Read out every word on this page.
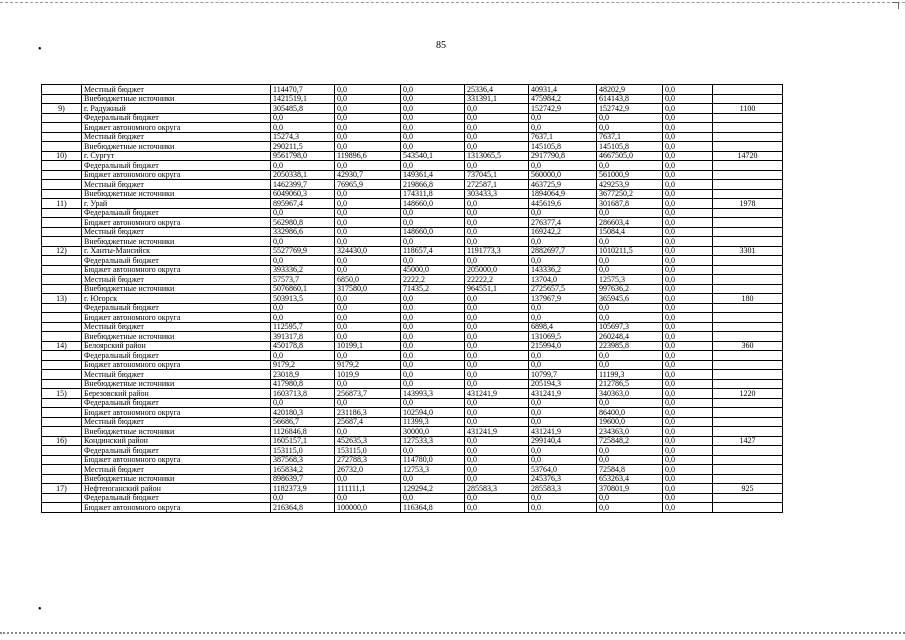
•	85
	Местный бюджет	114470,7	0,0	0,0	25336,4	40931,4	48202,9	0,0	
	Внебюджетные источники	1421519,1	0,0	0,0	331391,1	475984,2	614143,8	0,0	
9)	г. Радужный	305485,8	0,0	0,0	0,0	152742,9	152742,9	0,0	1100
	Федеральный бюджет	0,0	0,0	0,0	0,0	0,0	0,0	0,0	
	Бюджет автономного округа	0,0	0,0	0,0	0,0	0,0	0,0	0,0	
	Местный бюджет	15274,3	0,0	0,0	0,0	7637,1	7637,1	0,0	
	Внебюджетные источники	290211,5	0,0	0,0	0,0	145105,8	145105,8	0,0	
10)	г. Сургут	9561798,0	119896,6	543540,1	1313065,5	2917790,8	4667505,0	0,0	14720
	Федеральный бюджет	0,0	0,0	0,0	0,0	0,0	0,0	0,0	
	Бюджет автономного округа	2050338,1	42930,7	149361,4	737045,1	560000,0	561000,9	0,0	
	Местный бюджет	1462399,7	76965,9	219866,8	272587,1	463725,9	429253,9	0,0	
	Внебюджетные источники	6049060,3	0,0	174311,8	303433,3	1894064,9	3677250,2	0,0	
11)	г. Урай	895967,4	0,0	148660,0	0,0	445619,6	301687,8	0,0	1978
	Федеральный бюджет	0,0	0,0	0,0	0,0	0,0	0,0	0,0	
	Бюджет автономного округа	562980,8	0,0	0,0	0,0	276377,4	286603,4	0,0	
	Местный бюджет	332986,6	0,0	148660,0	0,0	169242,2	15084,4	0,0	
	Внебюджетные источники	0,0	0,0	0,0	0,0	0,0	0,0	0,0	
12)	г. Ханты-Мансийск	5527769,9	324430,0	118657,4	1191773,3	2882697,7	1010211,5	0,0	3301
	Федеральный бюджет	0,0	0,0	0,0	0,0	0,0	0,0	0,0	
	Бюджет автономного округа	393336,2	0,0	45000,0	205000,0	143336,2	0,0	0,0	
	Местный бюджет	57573,7	6850,0	2222,2	22222,2	13704,0	12575,3	0,0	
	Внебюджетные источники	5076860,1	317580,0	71435,2	964551,1	2725657,5	997636,2	0,0	
13)	г. Югорск	503913,5	0,0	0,0	0,0	137967,9	365945,6	0,0	180
	Федеральный бюджет	0,0	0,0	0,0	0,0	0,0	0,0	0,0	
	Бюджет автономного округа	0,0	0,0	0,0	0,0	0,0	0,0	0,0	
	Местный бюджет	112595,7	0,0	0,0	0,0	6898,4	105697,3	0,0	
	Внебюджетные источники	391317,8	0,0	0,0	0,0	131069,5	260248,4	0,0	
14)	Белоярский район	450178,8	10199,1	0,0	0,0	215994,0	223985,8	0,0	360
	Федеральный бюджет	0,0	0,0	0,0	0,0	0,0	0,0	0,0	
	Бюджет автономного округа	9179,2	9179,2	0,0	0,0	0,0	0,0	0,0	
	Местный бюджет	23018,9	1019,9	0,0	0,0	10799,7	11199,3	0,0	
	Внебюджетные источники	417980,8	0,0	0,0	0,0	205194,3	212786,5	0,0	
15)	Березовский район	1603713,8	256873,7	143993,3	431241,9	431241,9	340363,0	0,0	1220
	Федеральный бюджет	0,0	0,0	0,0	0,0	0,0	0,0	0,0	
	Бюджет автономного округа	420180,3	231186,3	102594,0	0,0	0,0	86400,0	0,0	
	Местный бюджет	56686,7	25687,4	11399,3	0,0	0,0	19600,0	0,0	
	Внебюджетные источники	1126846,8	0,0	30000,0	431241,9	431241,9	234363,0	0,0	
16)	Кондинский район	1605157,1	452635,3	127533,3	0,0	299140,4	725848,2	0,0	1427
	Федеральный бюджет	153115,0	153115,0	0,0	0,0	0,0	0,0	0,0	
	Бюджет автономного округа	387568,3	272788,3	114780,0	0,0	0,0	0,0	0,0	
	Местный бюджет	165834,2	26732,0	12753,3	0,0	53764,0	72584,8	0,0	
	Внебюджетные источники	898639,7	0,0	0,0	0,0	245376,3	653263,4	0,0	
17)	Нефтеюганский район	1182373,9	111111,1	129294,2	285583,3	285583,3	370801,9	0,0	925
	Федеральный бюджет	0,0	0,0	0,0	0,0	0,0	0,0	0,0	
	Бюджет автономного округа	216364,8	100000,0	116364,8	0,0	0,0	0,0	0,0	
•
